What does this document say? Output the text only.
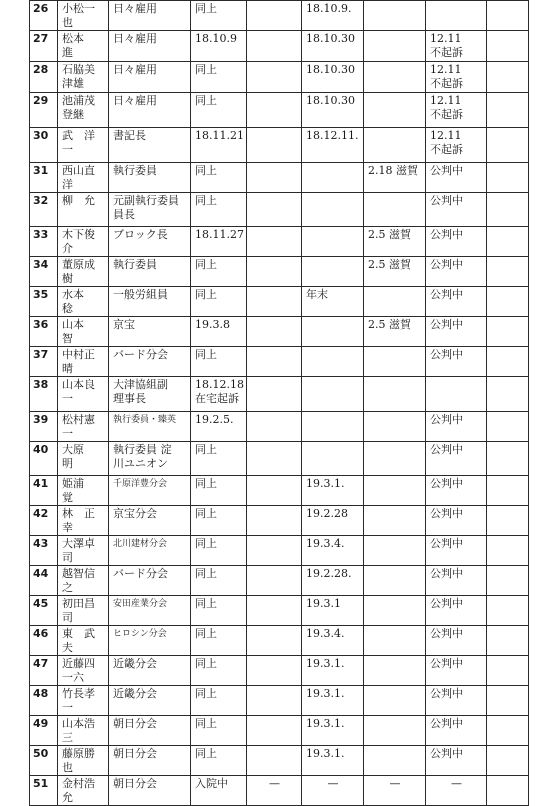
26	小松一也	日々雇用	同上		18.10.9.			
27	松本　進	日々雇用	18.10.9		18.10.30		12.11
不起訴	
28	石脇美津雄	日々雇用	同上		18.10.30		12.11
不起訴	
29	池浦茂登継	日々雇用	同上		18.10.30		12.11
不起訴	
30	武　洋一	書記長	18.11.21		18.12.11.		12.11
不起訴	
31	西山直洋	執行委員	同上			2.18 滋賀	公判中	
32	柳　允	元副執行委員
員長	同上				公判中	
33	木下俊介	ブロック長	18.11.27			2.5 滋賀	公判中	
34	董原成樹	執行委員	同上			2.5 滋賀	公判中	
35	水本　稔	一般労組員	同上		年末		公判中	
36	山本　智	京宝	19.3.8			2.5 滋賀	公判中	
37	中村正晴	バード分会	同上				公判中	
38	山本良一	大津協組副
理事長	18.12.18
在宅起訴					
39	松村憲一	執行委員・臻英	19.2.5.				公判中	
40	大原　明	執行委員 淀
川ユニオン	同上				公判中	
41	姫浦　覚	千原洋豊分会	同上		19.3.1.		公判中	
42	林　正幸	京宝分会	同上		19.2.28		公判中	
43	大澤卓司	北川建材分会	同上		19.3.4.		公判中	
44	越智信之	バード分会	同上		19.2.28.		公判中	
45	初田昌司	安田産業分会	同上		19.3.1		公判中	
46	東　武夫	ヒロシン分会	同上		19.3.4.		公判中	
47	近藤四一六	近畿分会	同上		19.3.1.		公判中	
48	竹長孝一	近畿分会	同上		19.3.1.		公判中	
49	山本浩三	朝日分会	同上		19.3.1.		公判中	
50	藤原勝也	朝日分会	同上		19.3.1.		公判中	
51	金村浩允	朝日分会	入院中	—	—	—	—	
